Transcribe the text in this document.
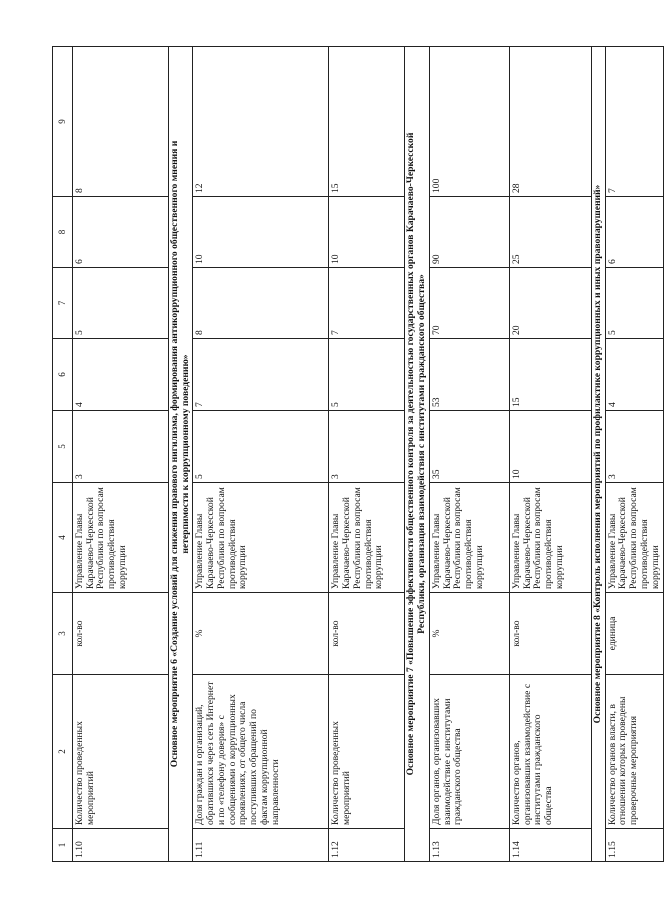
1	2	3	4	5	6	7	8	9
1.10	Количество проведенных мероприятий	кол-во	Управление Главы Карачаево-Черкесской Республики по вопросам противодействия коррупции	3	4	5	6	8

Основное мероприятие 6 «Создание условий для снижения правового нигилизма, формирования антикоррупционного общественного мнения и нетерпимости к коррупционному поведению»								

1.11	Доля граждан и организаций, обратившихся через сеть Интернет и по «телефону доверия» с сообщениями о коррупционных проявлениях, от общего числа поступивших обращений по фактам коррупционной направленности	%	Управление Главы Карачаево-Черкесской Республики по вопросам противодействия коррупции	5	7	8	10	12
1.12	Количество проведенных мероприятий	кол-во	Управление Главы Карачаево-Черкесской Республики по вопросам противодействия коррупции	3	5	7	10	15

Основное мероприятие 7 «Повышение эффективности общественного контроля за деятельностью государственных органов Карачаево-Черкесской Республики, организация взаимодействия с институтами гражданского общества»								

1.13	Доля органов, организовавших взаимодействие с институтами гражданского общества	%	Управление Главы Карачаево-Черкесской Республики по вопросам противодействия коррупции	35	53	70	90	100
1.14	Количество органов, организовавших взаимодействие с институтами гражданского общества	кол-во	Управление Главы Карачаево-Черкесской Республики по вопросам противодействия коррупции	10	15	20	25	28

Основное мероприятие 8 «Контроль исполнения мероприятий по профилактике коррупционных и иных правонарушений»								

1.15	Количество органов власти, в отношении которых проведены проверочные мероприятия	единица	Управление Главы Карачаево-Черкесской Республики по вопросам противодействия коррупции	3	4	5	6	7
